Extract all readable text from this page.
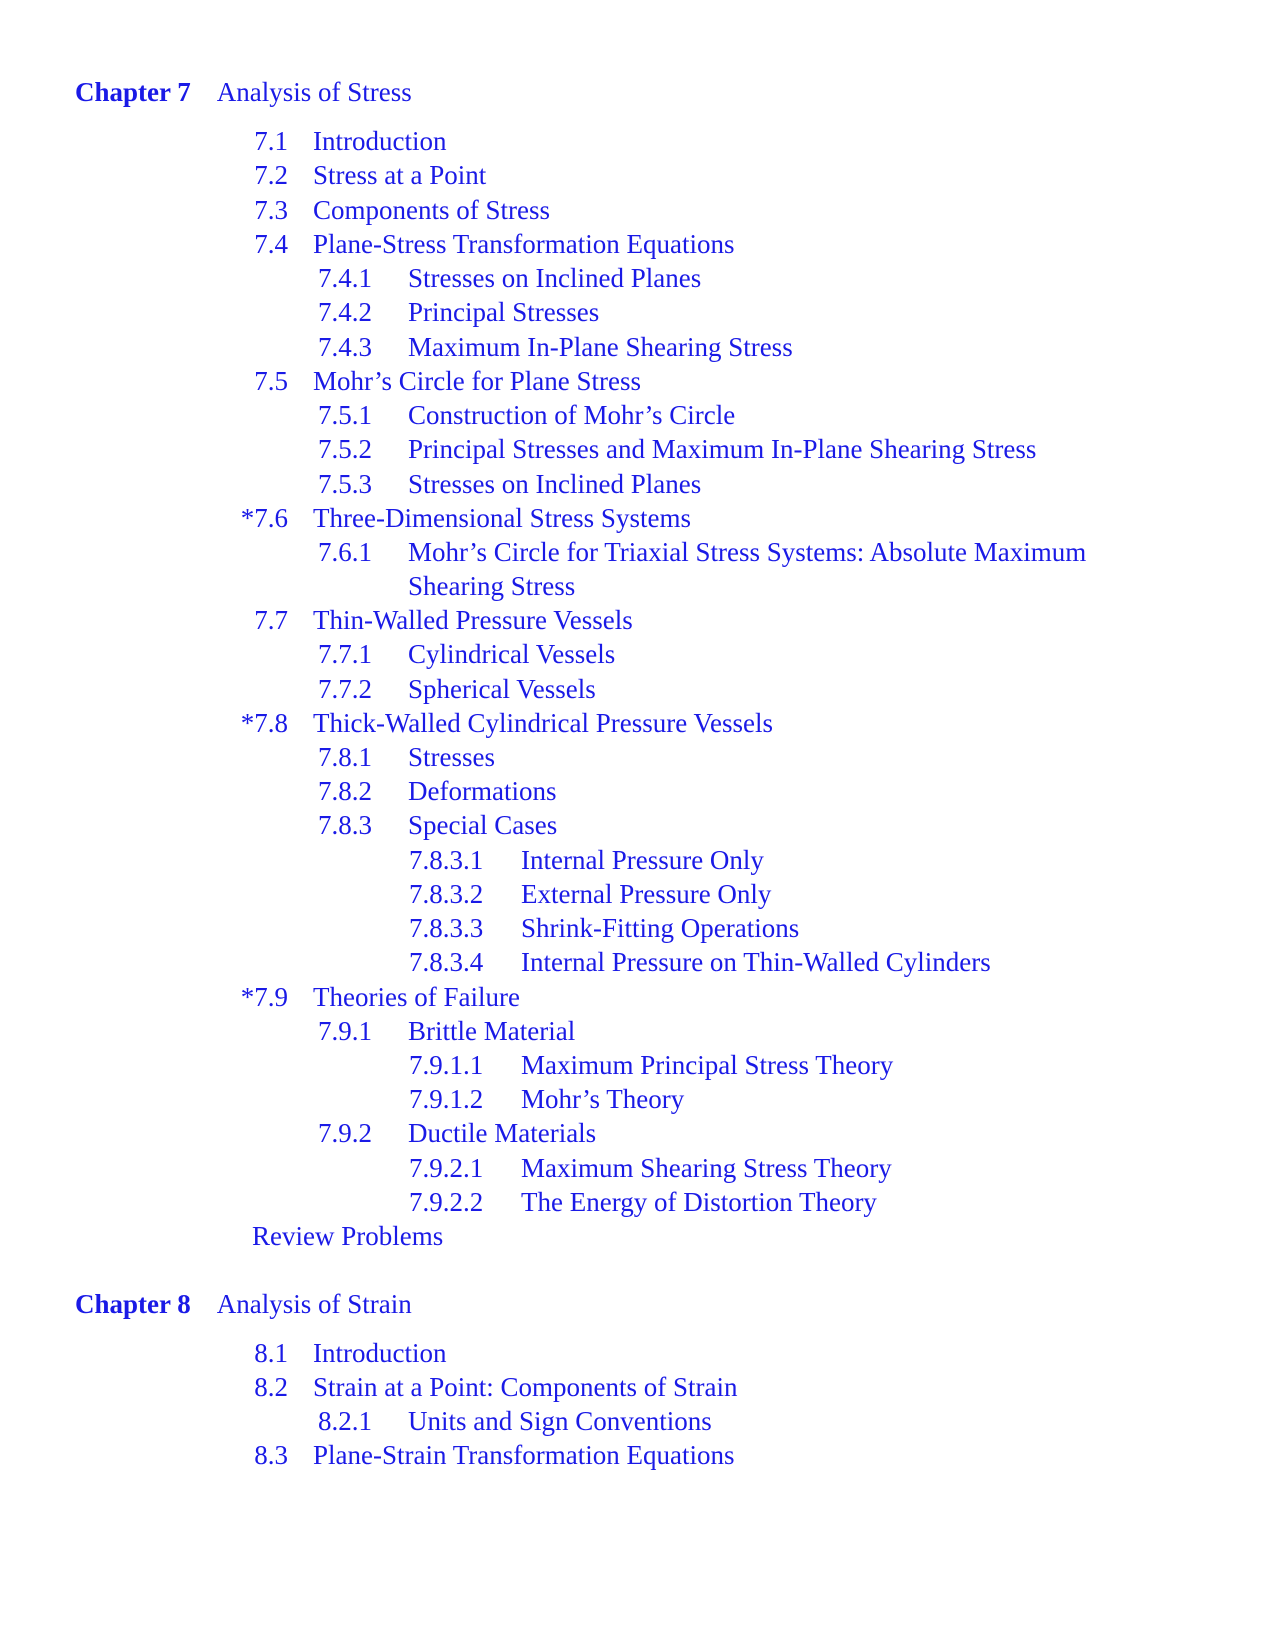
Chapter 7 Analysis of Stress
7.1 Introduction
7.2 Stress at a Point
7.3 Components of Stress
7.4 Plane-Stress Transformation Equations
7.4.1 Stresses on Inclined Planes
7.4.2 Principal Stresses
7.4.3 Maximum In-Plane Shearing Stress
7.5 Mohr’s Circle for Plane Stress
7.5.1 Construction of Mohr’s Circle
7.5.2 Principal Stresses and Maximum In-Plane Shearing Stress
7.5.3 Stresses on Inclined Planes
*7.6 Three-Dimensional Stress Systems
7.6.1 Mohr’s Circle for Triaxial Stress Systems: Absolute Maximum
Shearing Stress
7.7 Thin-Walled Pressure Vessels
7.7.1 Cylindrical Vessels
7.7.2 Spherical Vessels
*7.8 Thick-Walled Cylindrical Pressure Vessels
7.8.1 Stresses
7.8.2 Deformations
7.8.3 Special Cases
7.8.3.1 Internal Pressure Only
7.8.3.2 External Pressure Only
7.8.3.3 Shrink-Fitting Operations
7.8.3.4 Internal Pressure on Thin-Walled Cylinders
*7.9 Theories of Failure
7.9.1 Brittle Material
7.9.1.1 Maximum Principal Stress Theory
7.9.1.2 Mohr’s Theory
7.9.2 Ductile Materials
7.9.2.1 Maximum Shearing Stress Theory
7.9.2.2 The Energy of Distortion Theory
Review Problems
Chapter 8 Analysis of Strain
8.1 Introduction
8.2 Strain at a Point: Components of Strain
8.2.1 Units and Sign Conventions
8.3 Plane-Strain Transformation Equations
